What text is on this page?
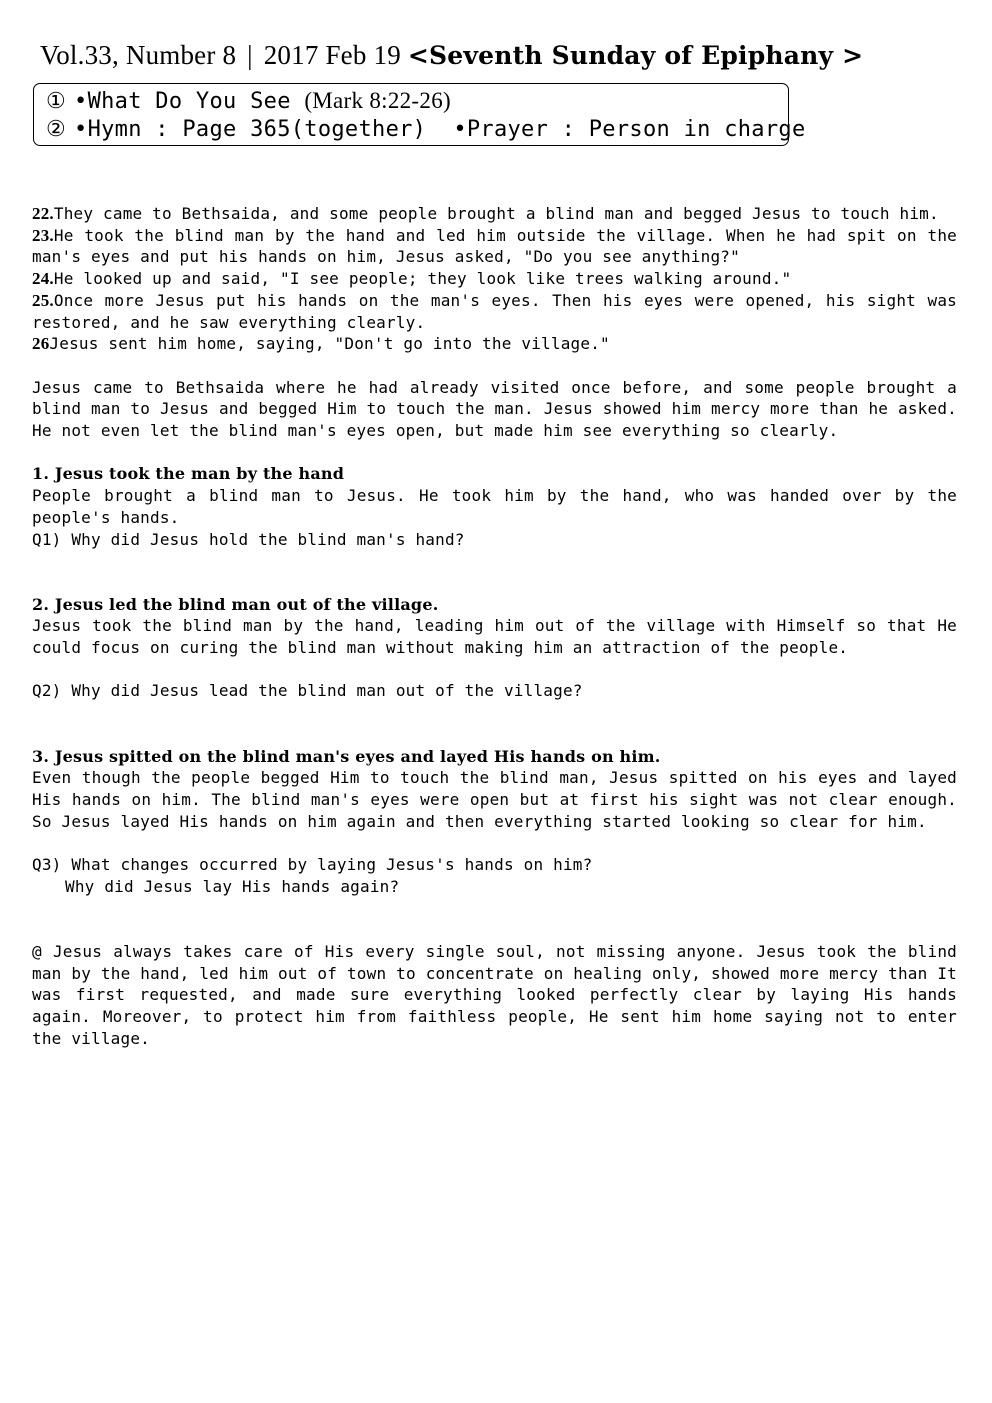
Vol.33, Number 8 | 2017 Feb 19 <Seventh Sunday of Epiphany >
① •What Do You See (Mark 8:22-26)
② •Hymn : Page 365(together) •Prayer : Person in charge

22.They came to Bethsaida, and some people brought a blind man and begged Jesus to touch him.

23.He took the blind man by the hand and led him outside the village. When he had spit on the man's eyes and put his hands on him, Jesus asked, "Do you see anything?"

24.He looked up and said, "I see people; they look like trees walking around."

25.Once more Jesus put his hands on the man's eyes. Then his eyes were opened, his sight was restored, and he saw everything clearly.

26Jesus sent him home, saying, "Don't go into the village."

Jesus came to Bethsaida where he had already visited once before, and some people brought a blind man to Jesus and begged Him to touch the man. Jesus showed him mercy more than he asked. He not even let the blind man's eyes open, but made him see everything so clearly.

1. Jesus took the man by the hand

People brought a blind man to Jesus. He took him by the hand, who was handed over by the people's hands.

Q1) Why did Jesus hold the blind man's hand?

2. Jesus led the blind man out of the village.

Jesus took the blind man by the hand, leading him out of the village with Himself so that He could focus on curing the blind man without making him an attraction of the people.

Q2) Why did Jesus lead the blind man out of the village?

3. Jesus spitted on the blind man's eyes and layed His hands on him.

Even though the people begged Him to touch the blind man, Jesus spitted on his eyes and layed His hands on him. The blind man's eyes were open but at first his sight was not clear enough. So Jesus layed His hands on him again and then everything started looking so clear for him.

Q3) What changes occurred by laying Jesus's hands on him?

Why did Jesus lay His hands again?

@ Jesus always takes care of His every single soul, not missing anyone. Jesus took the blind man by the hand, led him out of town to concentrate on healing only, showed more mercy than It was first requested, and made sure everything looked perfectly clear by laying His hands again. Moreover, to protect him from faithless people, He sent him home saying not to enter the village.
